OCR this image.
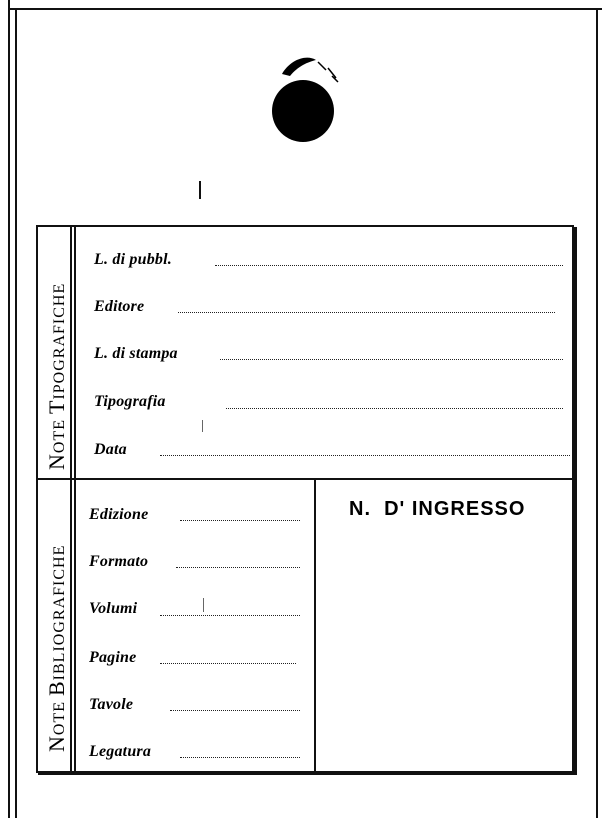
NOTE TIPOGRAFICHE
NOTE BIBLIOGRAFICHE
L. di pubbl.
Editore
L. di stampa
Tipografia
Data
Edizione
Formato
Volumi
Pagine
Tavole
Legatura
N.  D' INGRESSO
